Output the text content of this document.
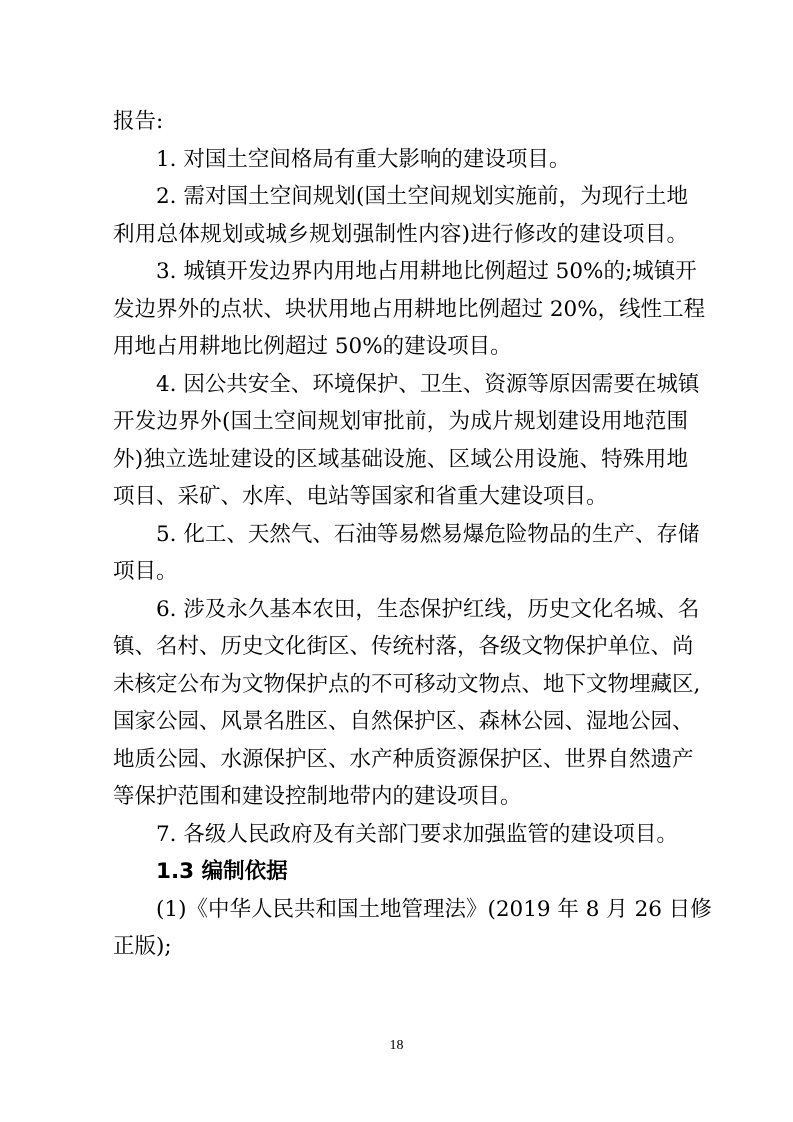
报告:
1. 对国土空间格局有重大影响的建设项目。
2. 需对国土空间规划(国土空间规划实施前，为现行土地
利用总体规划或城乡规划强制性内容)进行修改的建设项目。
3. 城镇开发边界内用地占用耕地比例超过 50%的;城镇开
发边界外的点状、块状用地占用耕地比例超过 20%，线性工程
用地占用耕地比例超过 50%的建设项目。
4. 因公共安全、环境保护、卫生、资源等原因需要在城镇
开发边界外(国土空间规划审批前，为成片规划建设用地范围
外)独立选址建设的区域基础设施、区域公用设施、特殊用地
项目、采矿、水库、电站等国家和省重大建设项目。
5. 化工、天然气、石油等易燃易爆危险物品的生产、存储
项目。
6. 涉及永久基本农田，生态保护红线，历史文化名城、名
镇、名村、历史文化街区、传统村落，各级文物保护单位、尚
未核定公布为文物保护点的不可移动文物点、地下文物埋藏区,
国家公园、风景名胜区、自然保护区、森林公园、湿地公园、
地质公园、水源保护区、水产种质资源保护区、世界自然遗产
等保护范围和建设控制地带内的建设项目。
7. 各级人民政府及有关部门要求加强监管的建设项目。
1.3 编制依据
(1)《中华人民共和国土地管理法》(2019 年 8 月 26 日修
正版);
18
